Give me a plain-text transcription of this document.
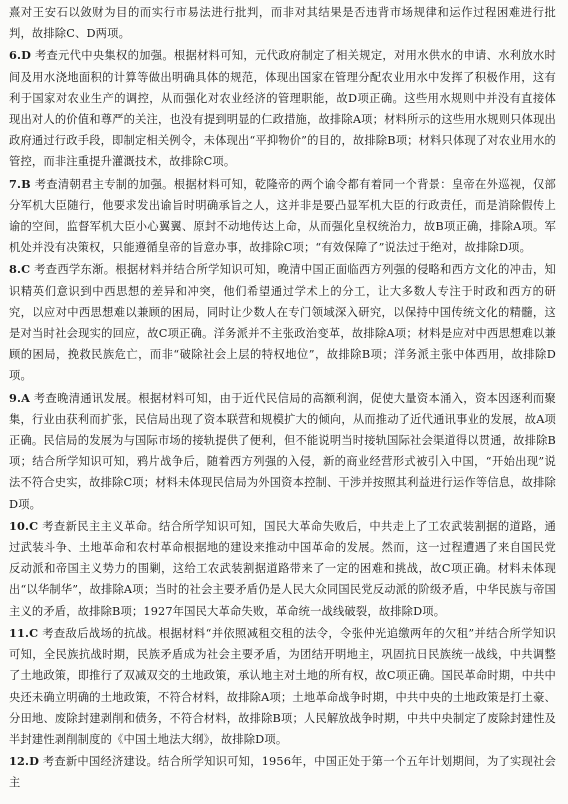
熹对王安石以敛财为目的而实行市易法进行批判，而非对其结果是否违背市场规律和运作过程困难进行批判，故排除C、D两项。

6.D 考查元代中央集权的加强。根据材料可知，元代政府制定了相关规定，对用水供水的申请、水利放水时间及用水浇地面积的计算等做出明确具体的规范，体现出国家在管理分配农业用水中发挥了积极作用，这有利于国家对农业生产的调控，从而强化对农业经济的管理职能，故D项正确。这些用水规则中并没有直接体现出对人的价值和尊严的关注，也没有提到明显的仁政措施，故排除A项；材料所示的这些用水规则只体现出政府通过行政手段，即制定相关例令，未体现出“平抑物价”的目的，故排除B项；材料只体现了对农业用水的管控，而非注重提升灌溉技术，故排除C项。

7.B 考查清朝君主专制的加强。根据材料可知，乾隆帝的两个谕令都有着同一个背景：皇帝在外巡视，仅部分军机大臣随行，他要求发出谕旨时明确承旨之人，这并非是要凸显军机大臣的行政责任，而是消除假传上谕的空间，监督军机大臣小心翼翼、原封不动地传达上命，从而强化皇权统治力，故B项正确，排除A项。军机处并没有决策权，只能遵循皇帝的旨意办事，故排除C项；“有效保障了”说法过于绝对，故排除D项。

8.C 考查西学东渐。根据材料并结合所学知识可知，晚清中国正面临西方列强的侵略和西方文化的冲击，知识精英们意识到中西思想的差异和冲突，他们希望通过学术上的分工，让大多数人专注于时政和西方的研究，以应对中西思想难以兼顾的困局，同时让少数人在专门领域深入研究，以保持中国传统文化的精髓，这是对当时社会现实的回应，故C项正确。洋务派并不主张政治变革，故排除A项；材料是应对中西思想难以兼顾的困局，挽救民族危亡，而非“破除社会上层的特权地位”，故排除B项；洋务派主张中体西用，故排除D项。

9.A 考查晚清通讯发展。根据材料可知，由于近代民信局的高额利润，促使大量资本涌入，资本因逐利而聚集，行业由获利而扩张，民信局出现了资本联营和规模扩大的倾向，从而推动了近代通讯事业的发展，故A项正确。民信局的发展为与国际市场的接轨提供了便利，但不能说明当时接轨国际社会渠道得以贯通，故排除B项；结合所学知识可知，鸦片战争后，随着西方列强的入侵，新的商业经营形式被引入中国，“开始出现”说法不符合史实，故排除C项；材料未体现民信局为外国资本控制、干涉并按照其利益进行运作等信息，故排除D项。

10.C 考查新民主主义革命。结合所学知识可知，国民大革命失败后，中共走上了工农武装割据的道路，通过武装斗争、土地革命和农村革命根据地的建设来推动中国革命的发展。然而，这一过程遭遇了来自国民党反动派和帝国主义势力的围剿，这给工农武装割据道路带来了一定的困难和挑战，故C项正确。材料未体现出“以华制华”，故排除A项；当时的社会主要矛盾仍是人民大众同国民党反动派的阶级矛盾，中华民族与帝国主义的矛盾，故排除B项；1927年国民大革命失败，革命统一战线破裂，故排除D项。

11.C 考查敌后战场的抗战。根据材料“并依照减租交租的法令，令张仲光追缴两年的欠租”并结合所学知识可知，全民族抗战时期，民族矛盾成为社会主要矛盾，为团结开明地主，巩固抗日民族统一战线，中共调整了土地政策，即推行了双减双交的土地政策，承认地主对土地的所有权，故C项正确。国民革命时期，中共中央还未确立明确的土地政策，不符合材料，故排除A项；土地革命战争时期，中共中央的土地政策是打土豪、分田地、废除封建剥削和债务，不符合材料，故排除B项；人民解放战争时期，中共中央制定了废除封建性及半封建性剥削制度的《中国土地法大纲》，故排除D项。

12.D 考查新中国经济建设。结合所学知识可知，1956年，中国正处于第一个五年计划期间，为了实现社会主
